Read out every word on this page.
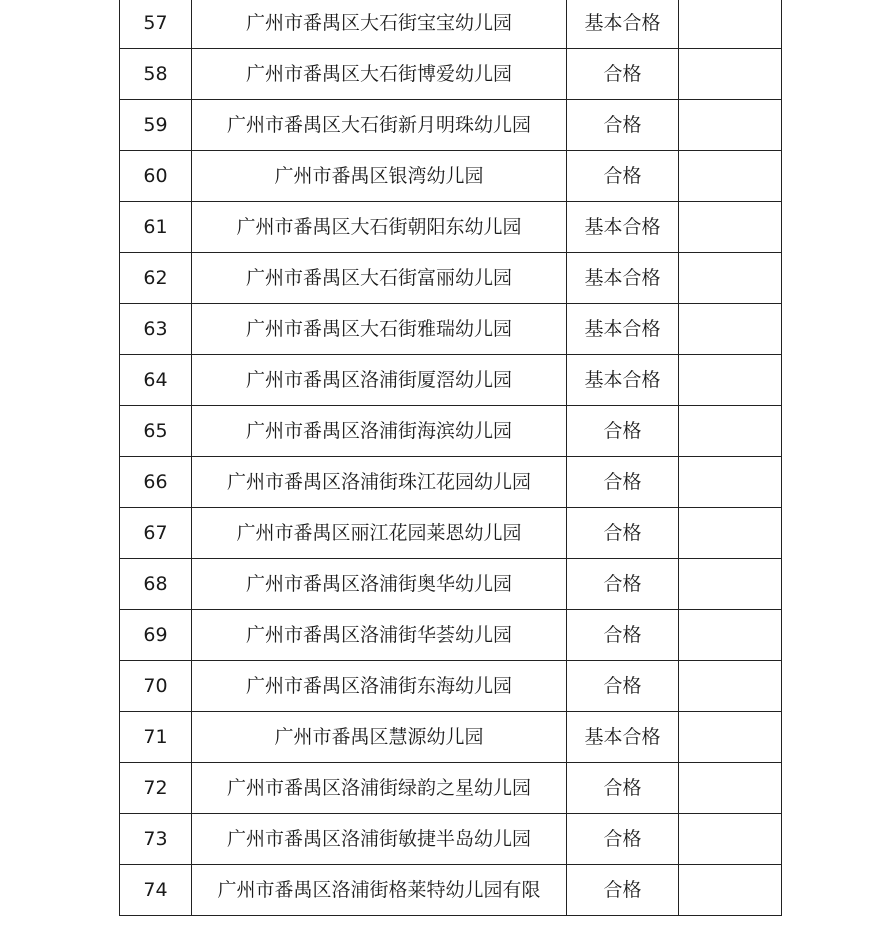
57	广州市番禺区大石街宝宝幼儿园	基本合格	
58	广州市番禺区大石街博爱幼儿园	合格	
59	广州市番禺区大石街新月明珠幼儿园	合格	
60	广州市番禺区银湾幼儿园	合格	
61	广州市番禺区大石街朝阳东幼儿园	基本合格	
62	广州市番禺区大石街富丽幼儿园	基本合格	
63	广州市番禺区大石街雅瑞幼儿园	基本合格	
64	广州市番禺区洛浦街厦滘幼儿园	基本合格	
65	广州市番禺区洛浦街海滨幼儿园	合格	
66	广州市番禺区洛浦街珠江花园幼儿园	合格	
67	广州市番禺区丽江花园莱恩幼儿园	合格	
68	广州市番禺区洛浦街奥华幼儿园	合格	
69	广州市番禺区洛浦街华荟幼儿园	合格	
70	广州市番禺区洛浦街东海幼儿园	合格	
71	广州市番禺区慧源幼儿园	基本合格	
72	广州市番禺区洛浦街绿韵之星幼儿园	合格	
73	广州市番禺区洛浦街敏捷半岛幼儿园	合格	
74	广州市番禺区洛浦街格莱特幼儿园有限	合格	
